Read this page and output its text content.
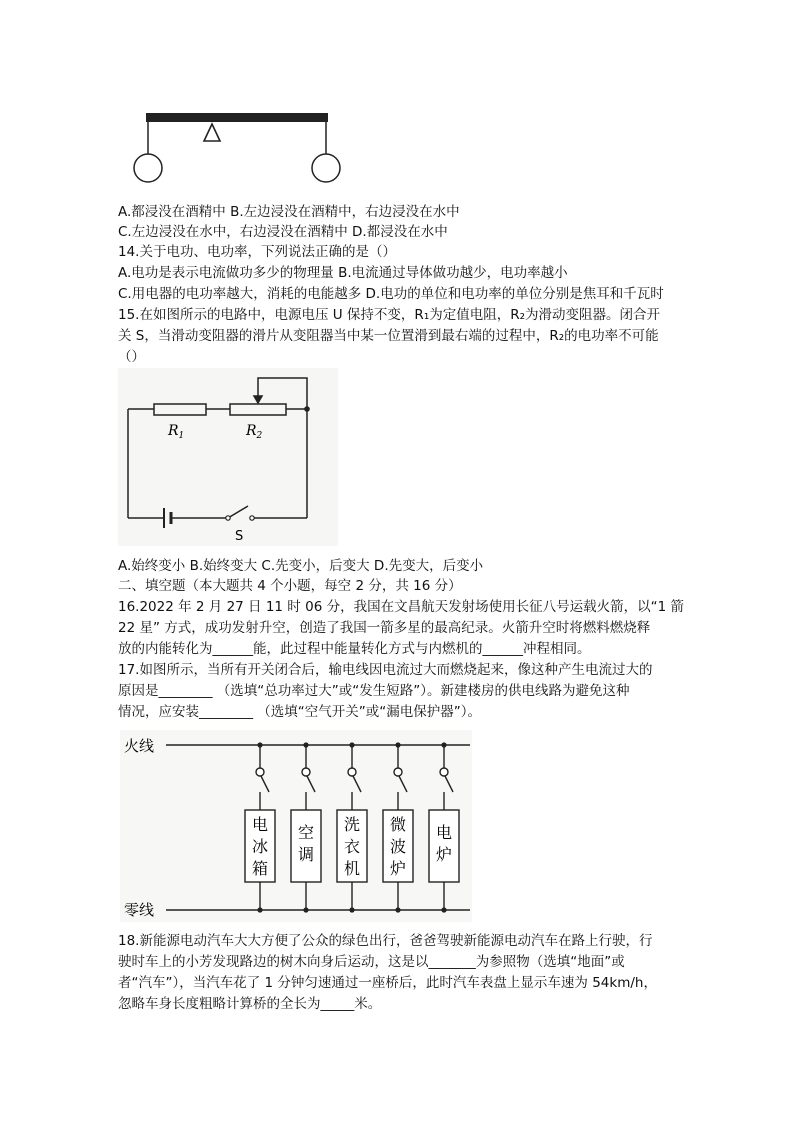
A.都浸没在酒精中 B.左边浸没在酒精中，右边浸没在水中
C.左边浸没在水中，右边浸没在酒精中 D.都浸没在水中
14.关于电功、电功率，下列说法正确的是（）
A.电功是表示电流做功多少的物理量 B.电流通过导体做功越少，电功率越小
C.用电器的电功率越大，消耗的电能越多 D.电功的单位和电功率的单位分别是焦耳和千瓦时
15.在如图所示的电路中，电源电压 U 保持不变，R₁为定值电阻，R₂为滑动变阻器。闭合开
关 S，当滑动变阻器的滑片从变阻器当中某一位置滑到最右端的过程中，R₂的电功率不可能
（）
$R_1$	$R_2$
S
A.始终变小 B.始终变大 C.先变小，后变大 D.先变大，后变小
二、填空题（本大题共 4 个小题，每空 2 分，共 16 分）
16.2022 年 2 月 27 日 11 时 06 分，我国在文昌航天发射场使用长征八号运载火箭，以“1 箭
22 星” 方式，成功发射升空，创造了我国一箭多星的最高纪录。火箭升空时将燃料燃烧释
放的内能转化为______能，此过程中能量转化方式与内燃机的______冲程相同。
17.如图所示，当所有开关闭合后，输电线因电流过大而燃烧起来，像这种产生电流过大的
原因是________ （选填“总功率过大”或“发生短路”）。新建楼房的供电线路为避免这种
情况，应安装________ （选填“空气开关”或“漏电保护器”）。
火线
零线
电
冰
箱
空
调
洗
衣
机
微
波
炉
电
炉
18.新能源电动汽车大大方便了公众的绿色出行，爸爸驾驶新能源电动汽车在路上行驶，行
驶时车上的小芳发现路边的树木向身后运动，这是以_______为参照物（选填“地面”或
者“汽车”），当汽车花了 1 分钟匀速通过一座桥后，此时汽车表盘上显示车速为 54km/h，
忽略车身长度粗略计算桥的全长为_____米。
